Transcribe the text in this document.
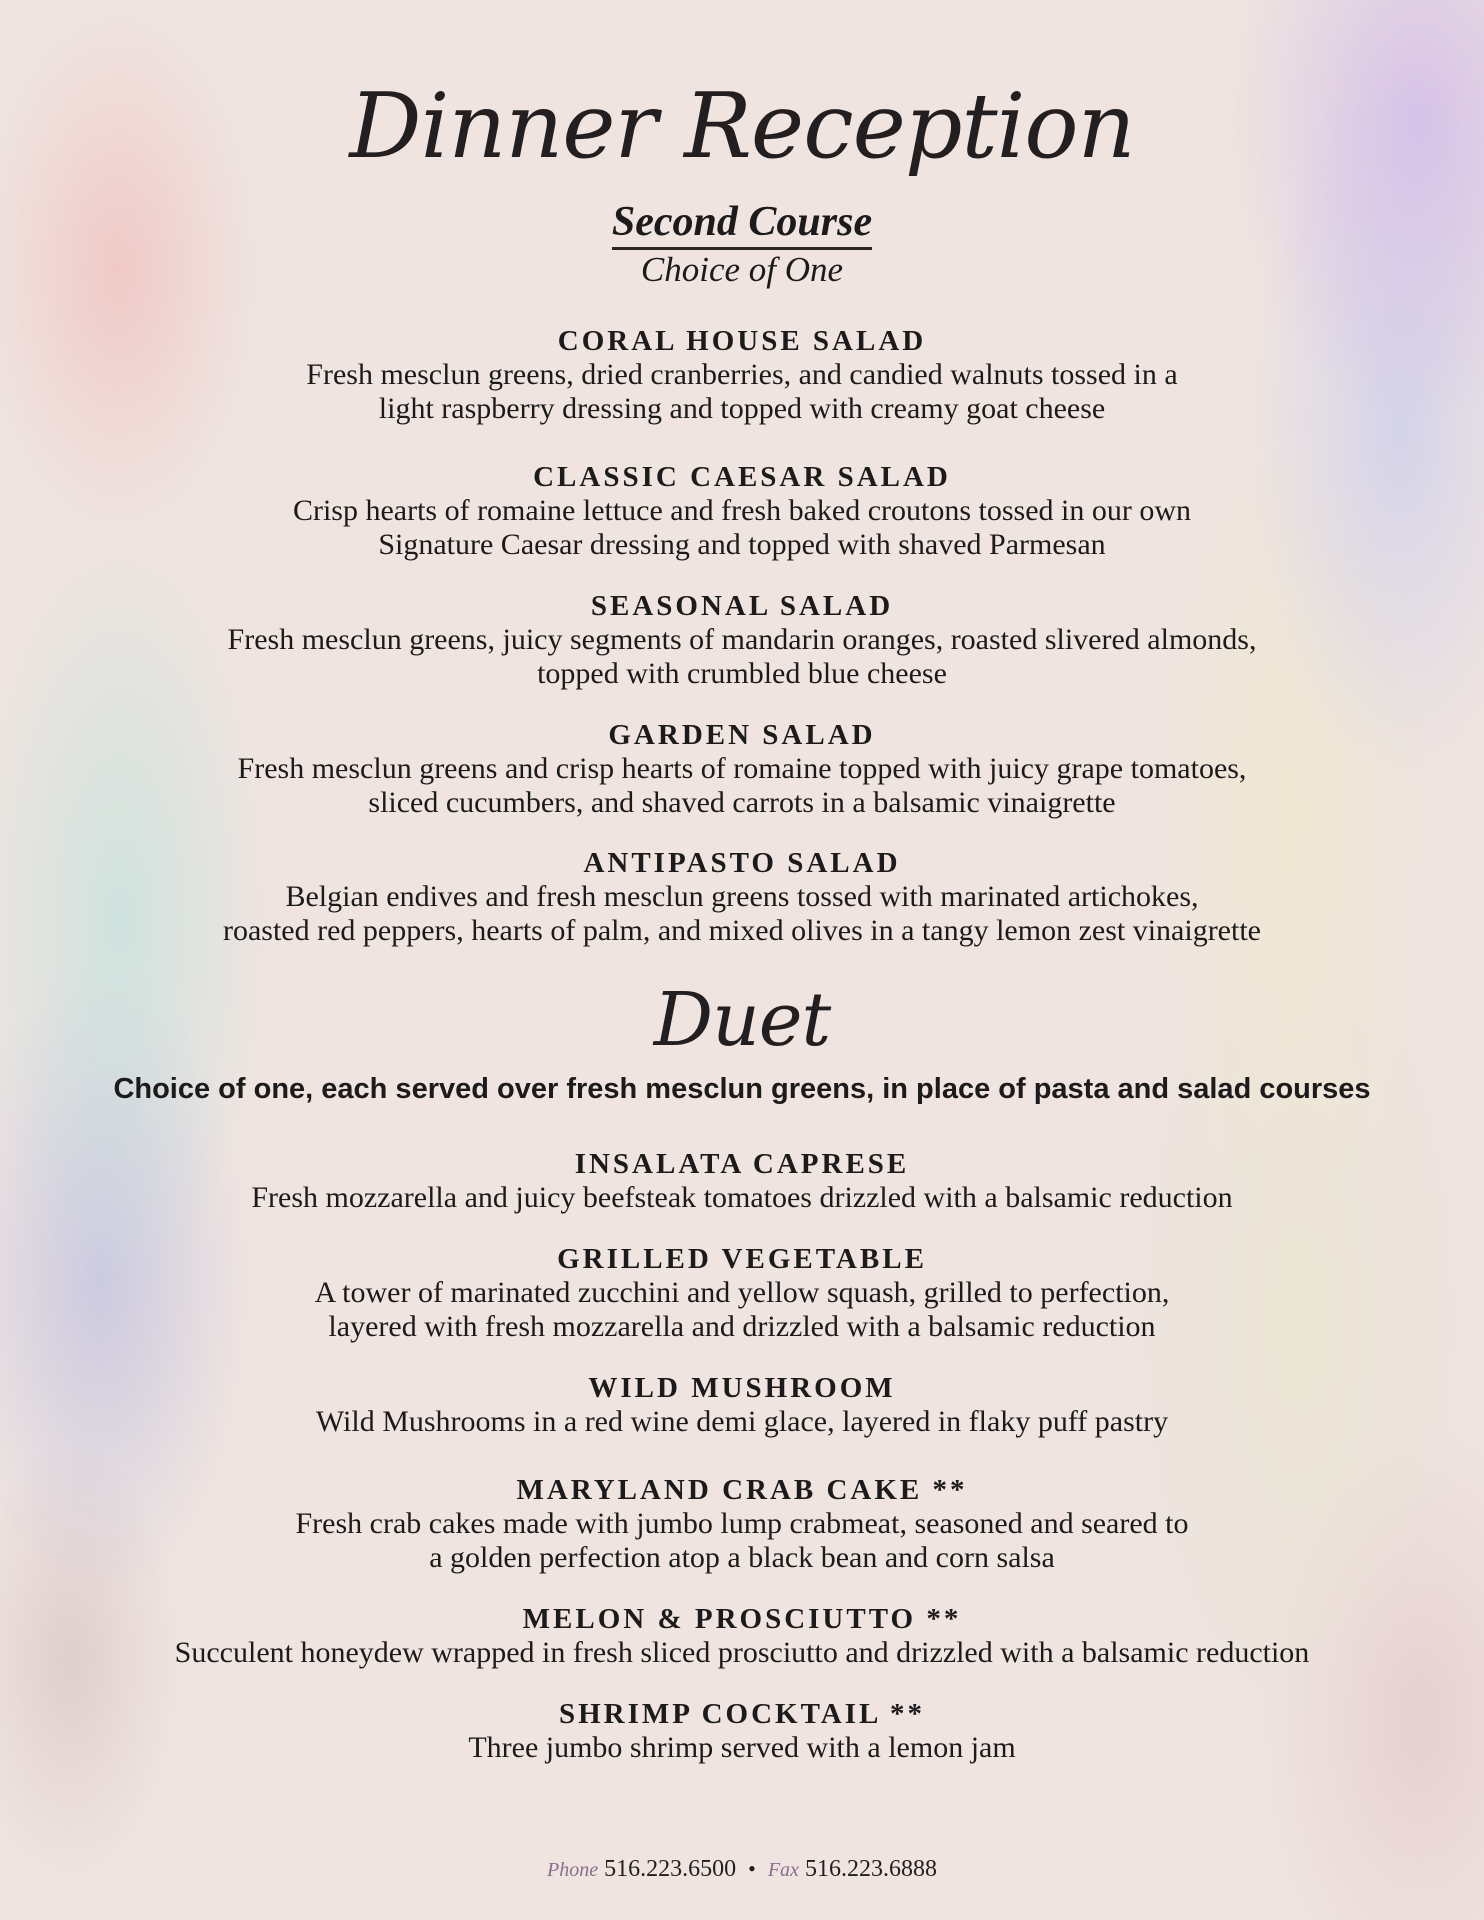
Dinner Reception
Second Course
Choice of One
CORAL HOUSE SALAD
Fresh mesclun greens, dried cranberries, and candied walnuts tossed in a
light raspberry dressing and topped with creamy goat cheese
CLASSIC CAESAR SALAD
Crisp hearts of romaine lettuce and fresh baked croutons tossed in our own
Signature Caesar dressing and topped with shaved Parmesan
SEASONAL SALAD
Fresh mesclun greens, juicy segments of mandarin oranges, roasted slivered almonds,
topped with crumbled blue cheese
GARDEN SALAD
Fresh mesclun greens and crisp hearts of romaine topped with juicy grape tomatoes,
sliced cucumbers, and shaved carrots in a balsamic vinaigrette
ANTIPASTO SALAD
Belgian endives and fresh mesclun greens tossed with marinated artichokes,
roasted red peppers, hearts of palm, and mixed olives in a tangy lemon zest vinaigrette
Duet
Choice of one, each served over fresh mesclun greens, in place of pasta and salad courses
INSALATA CAPRESE
Fresh mozzarella and juicy beefsteak tomatoes drizzled with a balsamic reduction
GRILLED VEGETABLE
A tower of marinated zucchini and yellow squash, grilled to perfection,
layered with fresh mozzarella and drizzled with a balsamic reduction
WILD MUSHROOM
Wild Mushrooms in a red wine demi glace, layered in flaky puff pastry
MARYLAND CRAB CAKE **
Fresh crab cakes made with jumbo lump crabmeat, seasoned and seared to
a golden perfection atop a black bean and corn salsa
MELON & PROSCIUTTO **
Succulent honeydew wrapped in fresh sliced prosciutto and drizzled with a balsamic reduction
SHRIMP COCKTAIL **
Three jumbo shrimp served with a lemon jam
Phone 516.223.6500 • Fax 516.223.6888
